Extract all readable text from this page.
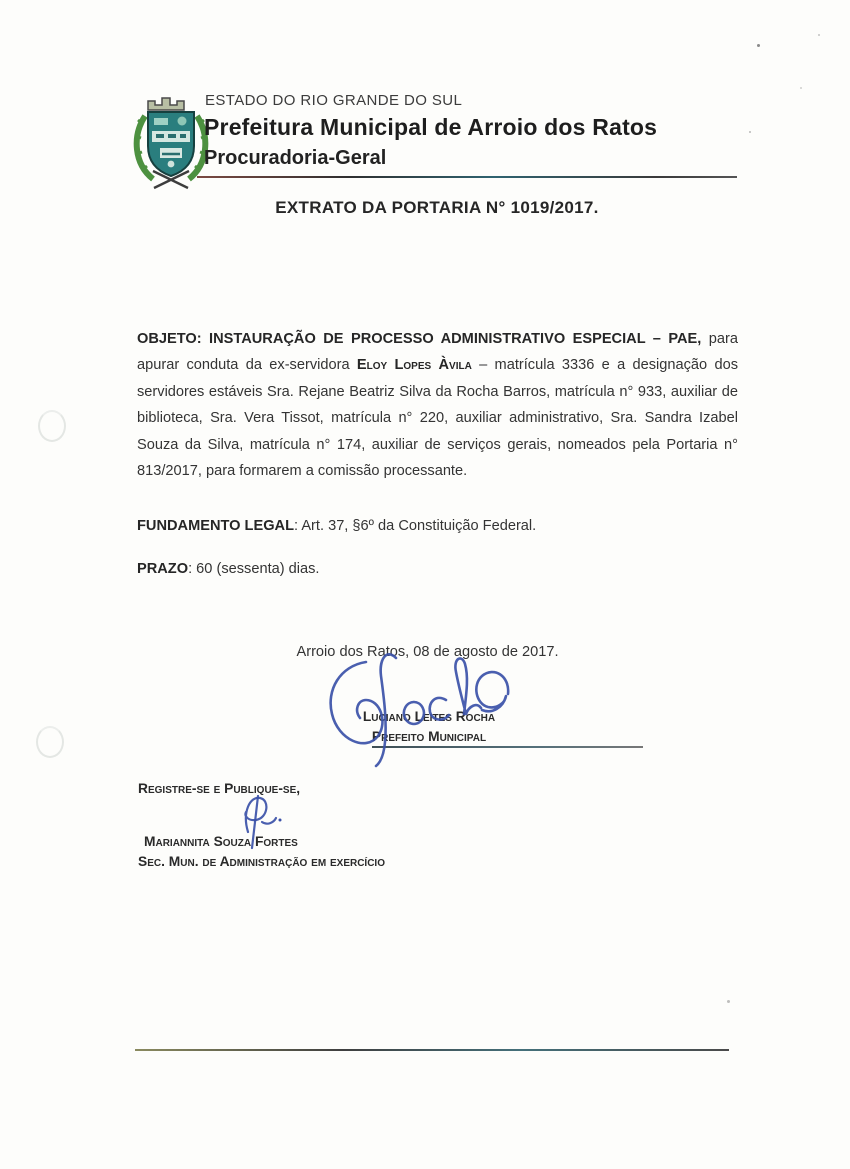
ESTADO DO RIO GRANDE DO SUL
Prefeitura Municipal de Arroio dos Ratos
Procuradoria-Geral
EXTRATO DA PORTARIA N° 1019/2017.
OBJETO: INSTAURAÇÃO DE PROCESSO ADMINISTRATIVO ESPECIAL – PAE, para apurar conduta da ex-servidora Eloy Lopes Àvila – matrícula 3336 e a designação dos servidores estáveis Sra. Rejane Beatriz Silva da Rocha Barros, matrícula n° 933, auxiliar de biblioteca, Sra. Vera Tissot, matrícula n° 220, auxiliar administrativo, Sra. Sandra Izabel Souza da Silva, matrícula n° 174, auxiliar de serviços gerais, nomeados pela Portaria n° 813/2017, para formarem a comissão processante.
FUNDAMENTO LEGAL: Art. 37, §6º da Constituição Federal.
PRAZO: 60 (sessenta) dias.
Arroio dos Ratos, 08 de agosto de 2017.
Luciano Leites Rocha
Prefeito Municipal
Registre-se e Publique-se,
Mariannita Souza Fortes
Sec. Mun. de Administração em exercício
